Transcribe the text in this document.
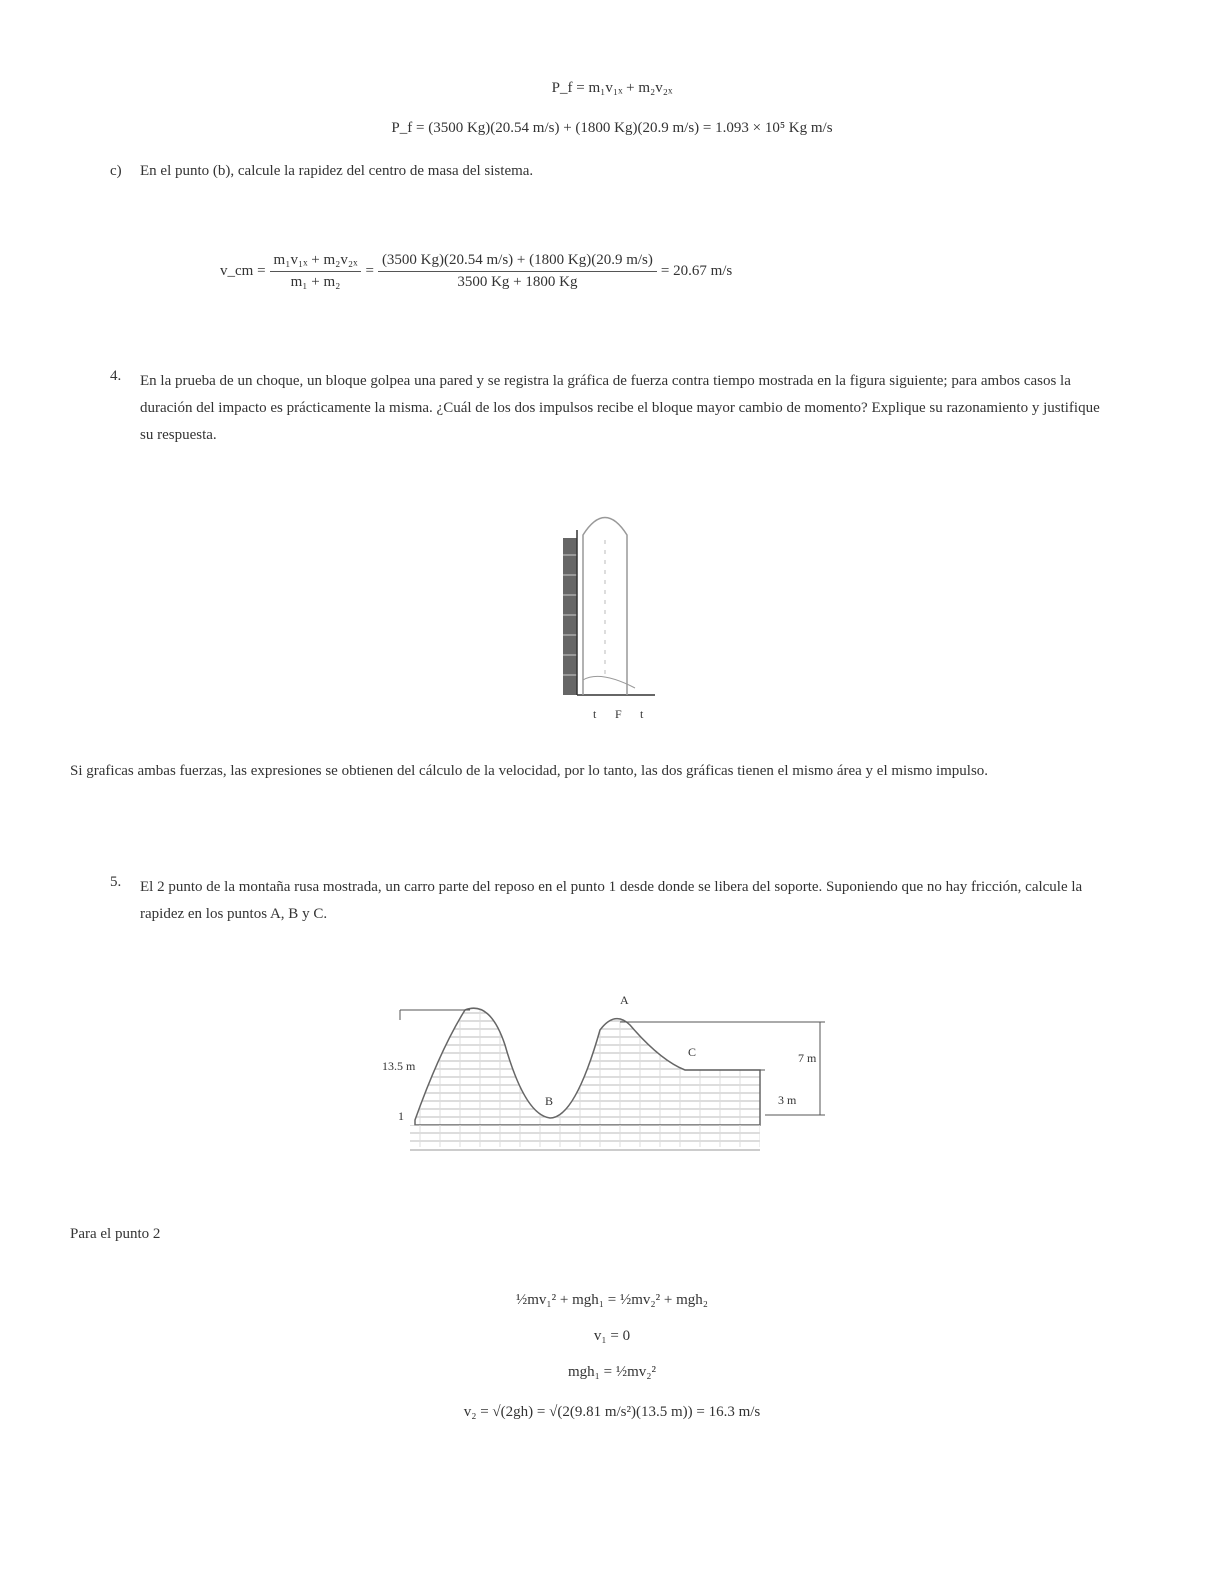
P_f = m₁v₁ₓ + m₂v₂ₓ
P_f = (3500 Kg)(20.54 m/s) + (1800 Kg)(20.9 m/s) = 1.093 × 10⁵ Kg m/s
c) En el punto (b), calcule la rapidez del centro de masa del sistema.
v_cm = $\frac{\text{m₁v₁ₓ + m₂v₂ₓ}}{\text{m₁ + m₂}} = \frac{(3500 Kg)(20.54 m/s) + (1800 Kg)(20.9 m/s)}{3500 Kg + 1800 Kg} = 20.67$ m/s
4. En la prueba de un choque, un bloque golpea una pared y se registra la gráfica de fuerza contra tiempo mostrada en la figura siguiente; para ambos casos la duración del impacto es prácticamente la misma. ¿Cuál de los dos impulsos recibe el bloque mayor cambio de momento? Explique su razonamiento y justifique su respuesta.
t F t
Si graficas ambas fuerzas, las expresiones se obtienen del cálculo de la velocidad, por lo tanto, las dos gráficas tienen el mismo área y el mismo impulso.
5. El 2 punto de la montaña rusa mostrada, un carro parte del reposo en el punto 1 desde donde se libera del soporte. Suponiendo que no hay fricción, calcule la rapidez en los puntos A, B y C.
13.5 m
A
B
C
1
7 m
3 m
Para el punto 2
½mv₁² + mgh₁ = ½mv₂² + mgh₂
v₁ = 0
mgh₁ = ½mv₂²
v₂ = √(2gh) = √(2(9.81 m/s²)(13.5 m)) = 16.3 m/s
